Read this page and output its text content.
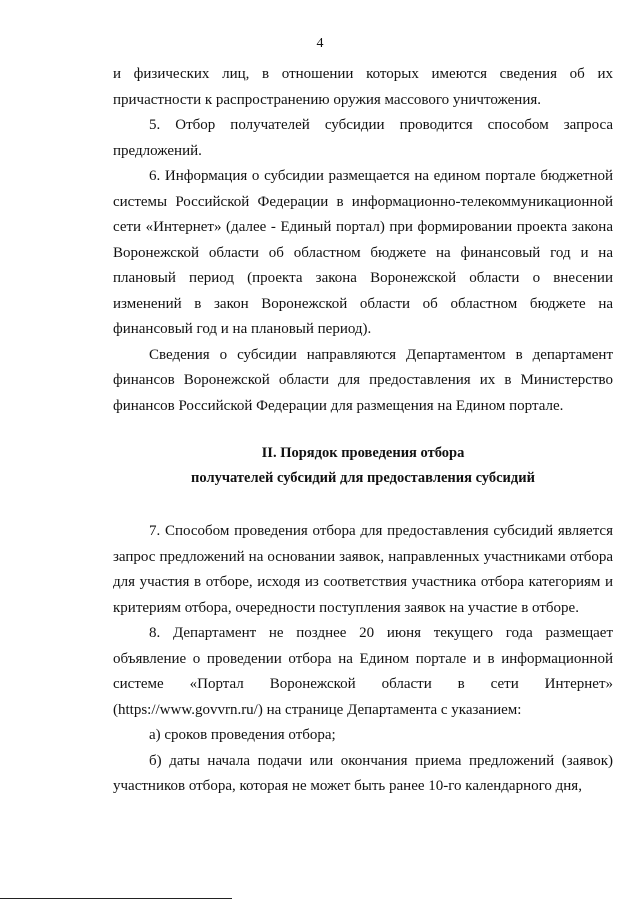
4

и физических лиц, в отношении которых имеются сведения об их причастности к распространению оружия массового уничтожения.

5. Отбор получателей субсидии проводится способом запроса предложений.

6. Информация о субсидии размещается на едином портале бюджетной системы Российской Федерации в информационно-телекоммуникационной сети «Интернет» (далее - Единый портал) при формировании проекта закона Воронежской области об областном бюджете на финансовый год и на плановый период (проекта закона Воронежской области о внесении изменений в закон Воронежской области об областном бюджете на финансовый год и на плановый период).

Сведения о субсидии направляются Департаментом в департамент финансов Воронежской области для предоставления их в Министерство финансов Российской Федерации для размещения на Едином портале.

II. Порядок проведения отбора

получателей субсидий для предоставления субсидий

7. Способом проведения отбора для предоставления субсидий является запрос предложений на основании заявок, направленных участниками отбора для участия в отборе, исходя из соответствия участника отбора категориям и критериям отбора, очередности поступления заявок на участие в отборе.

8. Департамент не позднее 20 июня текущего года размещает объявление о проведении отбора на Едином портале и в информационной системе «Портал Воронежской области в сети Интернет» (https://www.govvrn.ru/) на странице Департамента с указанием:

а) сроков проведения отбора;

б) даты начала подачи или окончания приема предложений (заявок) участников отбора, которая не может быть ранее 10-го календарного дня,
